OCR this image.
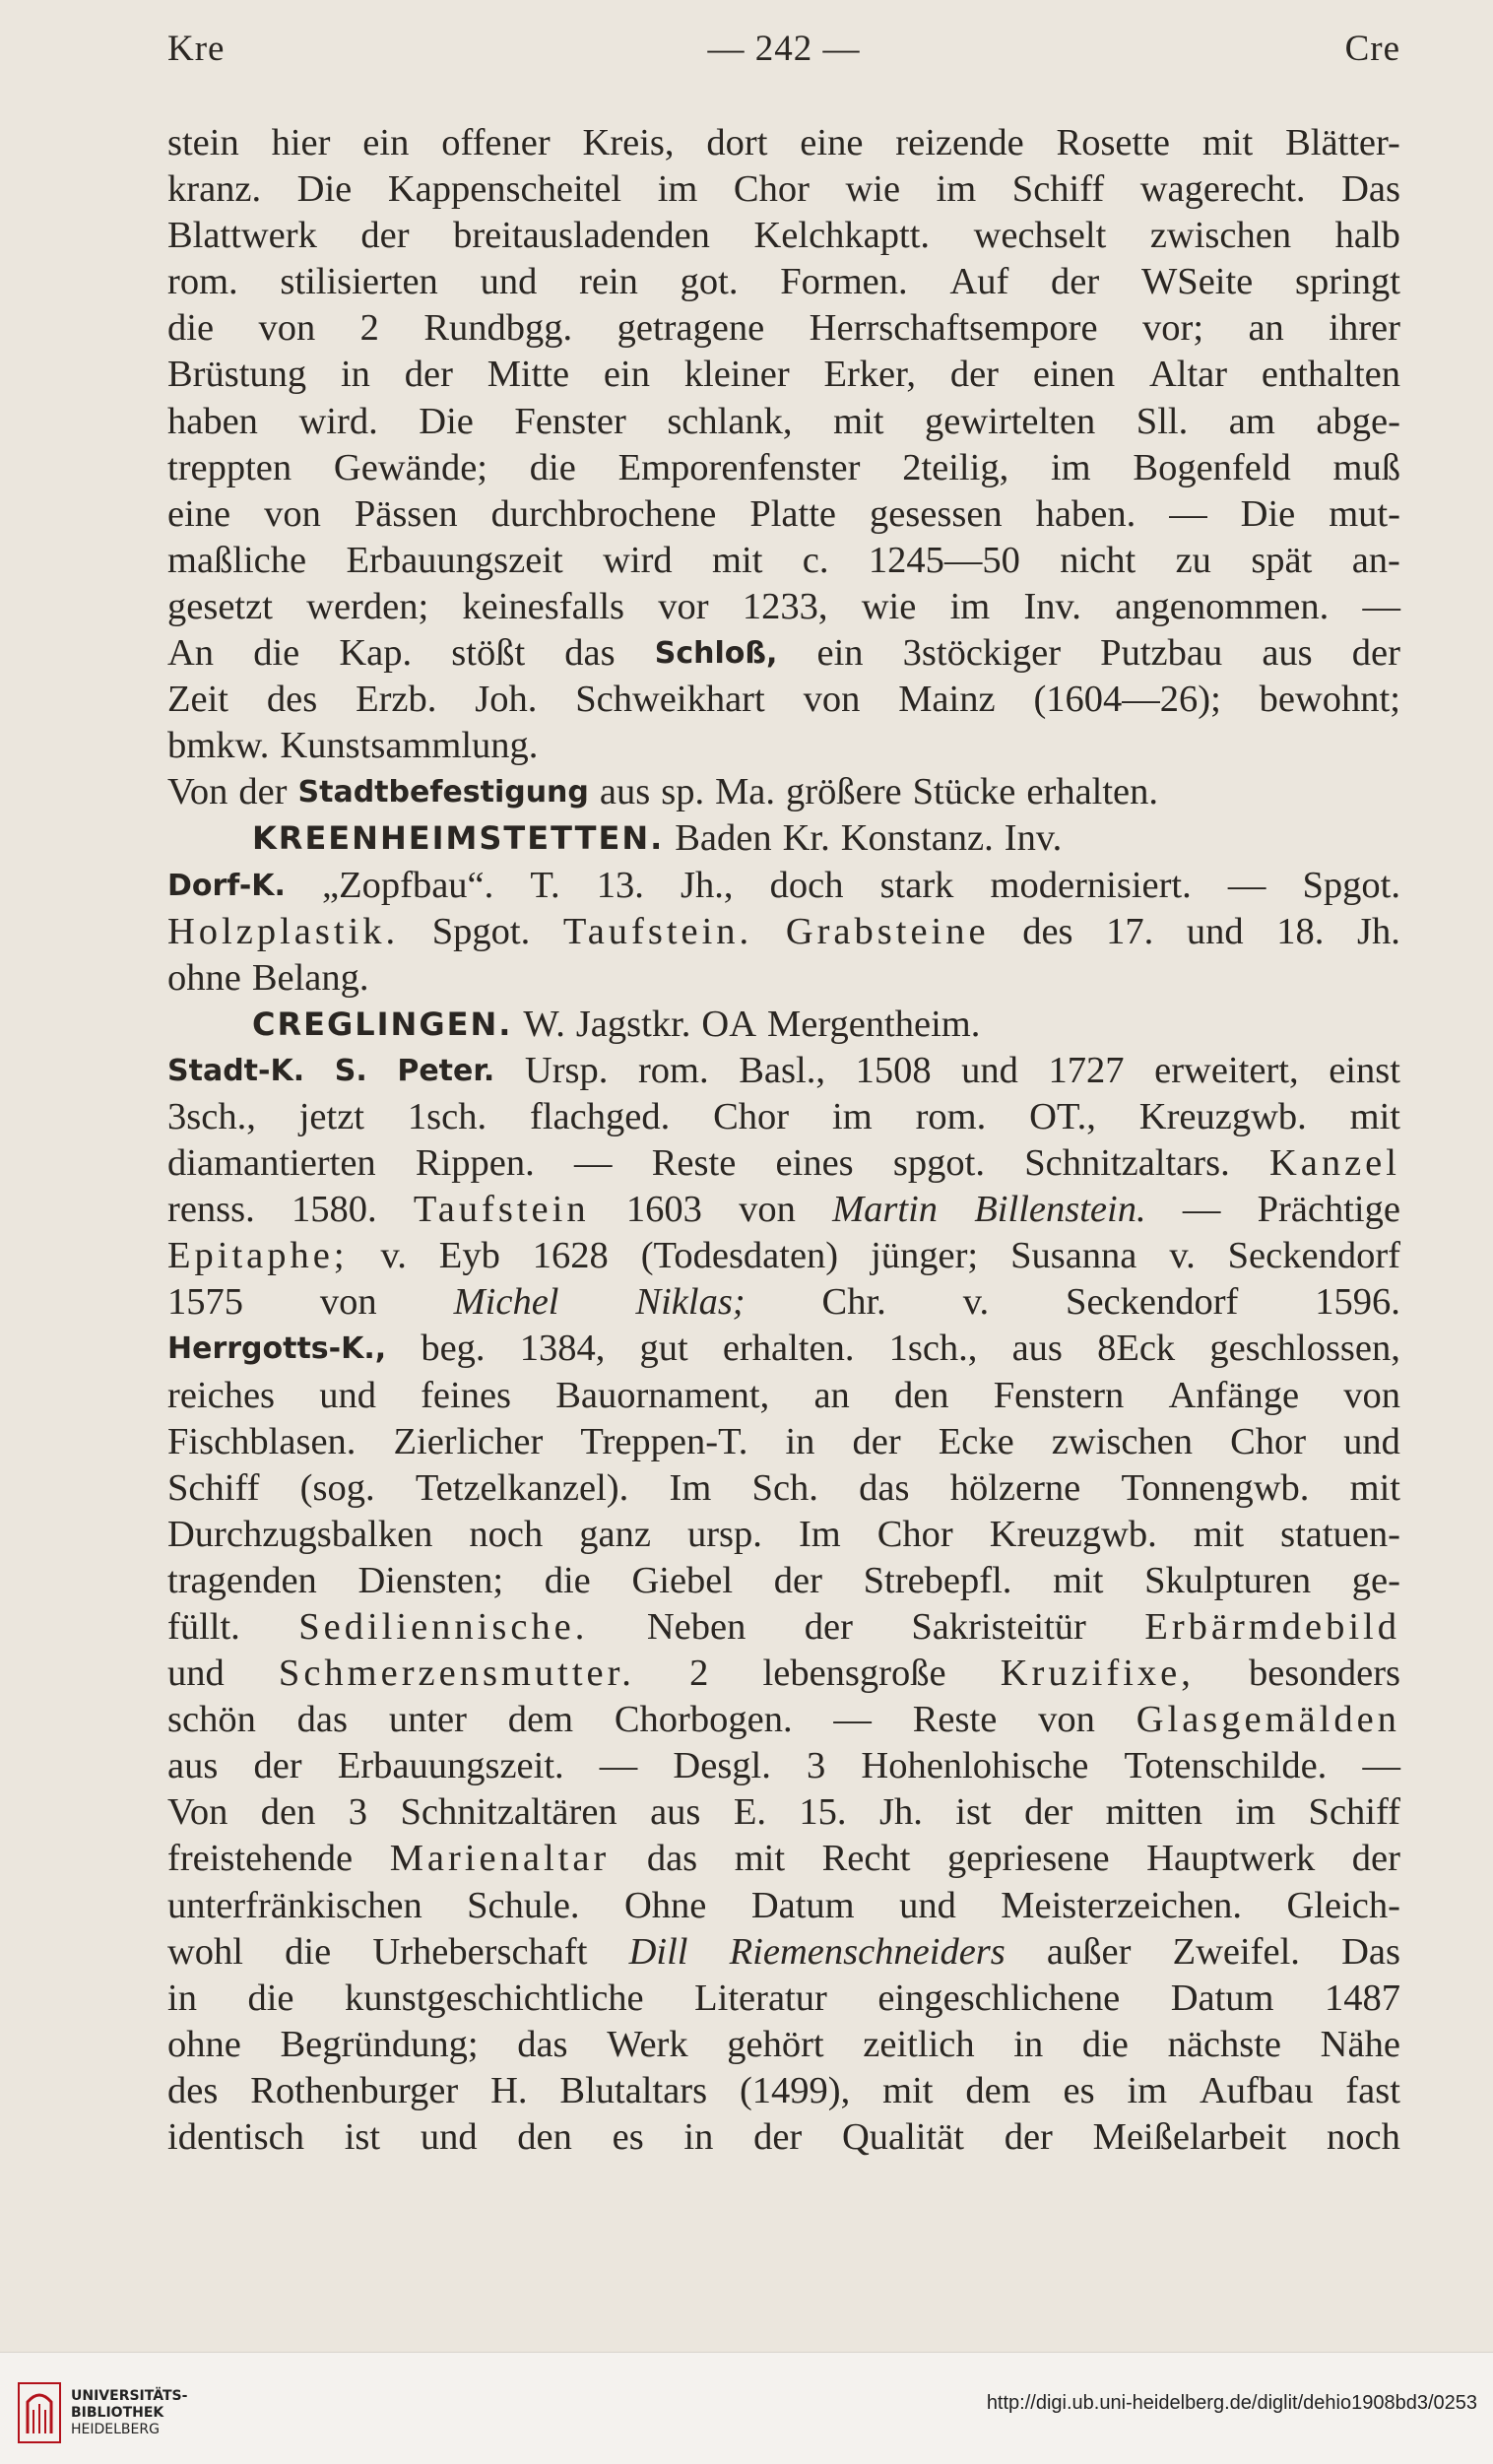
Kre	— 242 —	Cre
stein hier ein offener Kreis, dort eine reizende Rosette mit Blätter-
kranz. Die Kappenscheitel im Chor wie im Schiff wagerecht. Das
Blattwerk der breitausladenden Kelchkaptt. wechselt zwischen halb
rom. stilisierten und rein got. Formen. Auf der WSeite springt
die von 2 Rundbgg. getragene Herrschaftsempore vor; an ihrer
Brüstung in der Mitte ein kleiner Erker, der einen Altar enthalten
haben wird. Die Fenster schlank, mit gewirtelten Sll. am abge-
treppten Gewände; die Emporenfenster 2teilig, im Bogenfeld muß
eine von Pässen durchbrochene Platte gesessen haben. — Die mut-
maßliche Erbauungszeit wird mit c. 1245—50 nicht zu spät an-
gesetzt werden; keinesfalls vor 1233, wie im Inv. angenommen. —
An die Kap. stößt das Schloß, ein 3stöckiger Putzbau aus der
Zeit des Erzb. Joh. Schweikhart von Mainz (1604—26); bewohnt;
bmkw. Kunstsammlung.
Von der Stadtbefestigung aus sp. Ma. größere Stücke erhalten.
KREENHEIMSTETTEN. Baden Kr. Konstanz. Inv.
Dorf-K. „Zopfbau“. T. 13. Jh., doch stark modernisiert. — Spgot.
Holzplastik. Spgot. Taufstein. Grabsteine des 17. und 18. Jh.
ohne Belang.
CREGLINGEN. W. Jagstkr. OA Mergentheim.
Stadt-K. S. Peter. Ursp. rom. Basl., 1508 und 1727 erweitert, einst
3sch., jetzt 1sch. flachged. Chor im rom. OT., Kreuzgwb. mit
diamantierten Rippen. — Reste eines spgot. Schnitzaltars. Kanzel
renss. 1580. Taufstein 1603 von Martin Billenstein. — Prächtige
Epitaphe; v. Eyb 1628 (Todesdaten) jünger; Susanna v. Seckendorf
1575 von Michel Niklas; Chr. v. Seckendorf 1596.
Herrgotts-K., beg. 1384, gut erhalten. 1sch., aus 8Eck geschlossen,
reiches und feines Bauornament, an den Fenstern Anfänge von
Fischblasen. Zierlicher Treppen-T. in der Ecke zwischen Chor und
Schiff (sog. Tetzelkanzel). Im Sch. das hölzerne Tonnengwb. mit
Durchzugsbalken noch ganz ursp. Im Chor Kreuzgwb. mit statuen-
tragenden Diensten; die Giebel der Strebepfl. mit Skulpturen ge-
füllt. Sediliennische. Neben der Sakristeitür Erbärmdebild
und Schmerzensmutter. 2 lebensgroße Kruzifixe, besonders
schön das unter dem Chorbogen. — Reste von Glasgemälden
aus der Erbauungszeit. — Desgl. 3 Hohenlohische Totenschilde. —
Von den 3 Schnitzaltären aus E. 15. Jh. ist der mitten im Schiff
freistehende Marienaltar das mit Recht gepriesene Hauptwerk der
unterfränkischen Schule. Ohne Datum und Meisterzeichen. Gleich-
wohl die Urheberschaft Dill Riemenschneiders außer Zweifel. Das
in die kunstgeschichtliche Literatur eingeschlichene Datum 1487
ohne Begründung; das Werk gehört zeitlich in die nächste Nähe
des Rothenburger H. Blutaltars (1499), mit dem es im Aufbau fast
identisch ist und den es in der Qualität der Meißelarbeit noch
UNIVERSITÄTS-
BIBLIOTHEK
HEIDELBERG
http://digi.ub.uni-heidelberg.de/diglit/dehio1908bd3/0253
